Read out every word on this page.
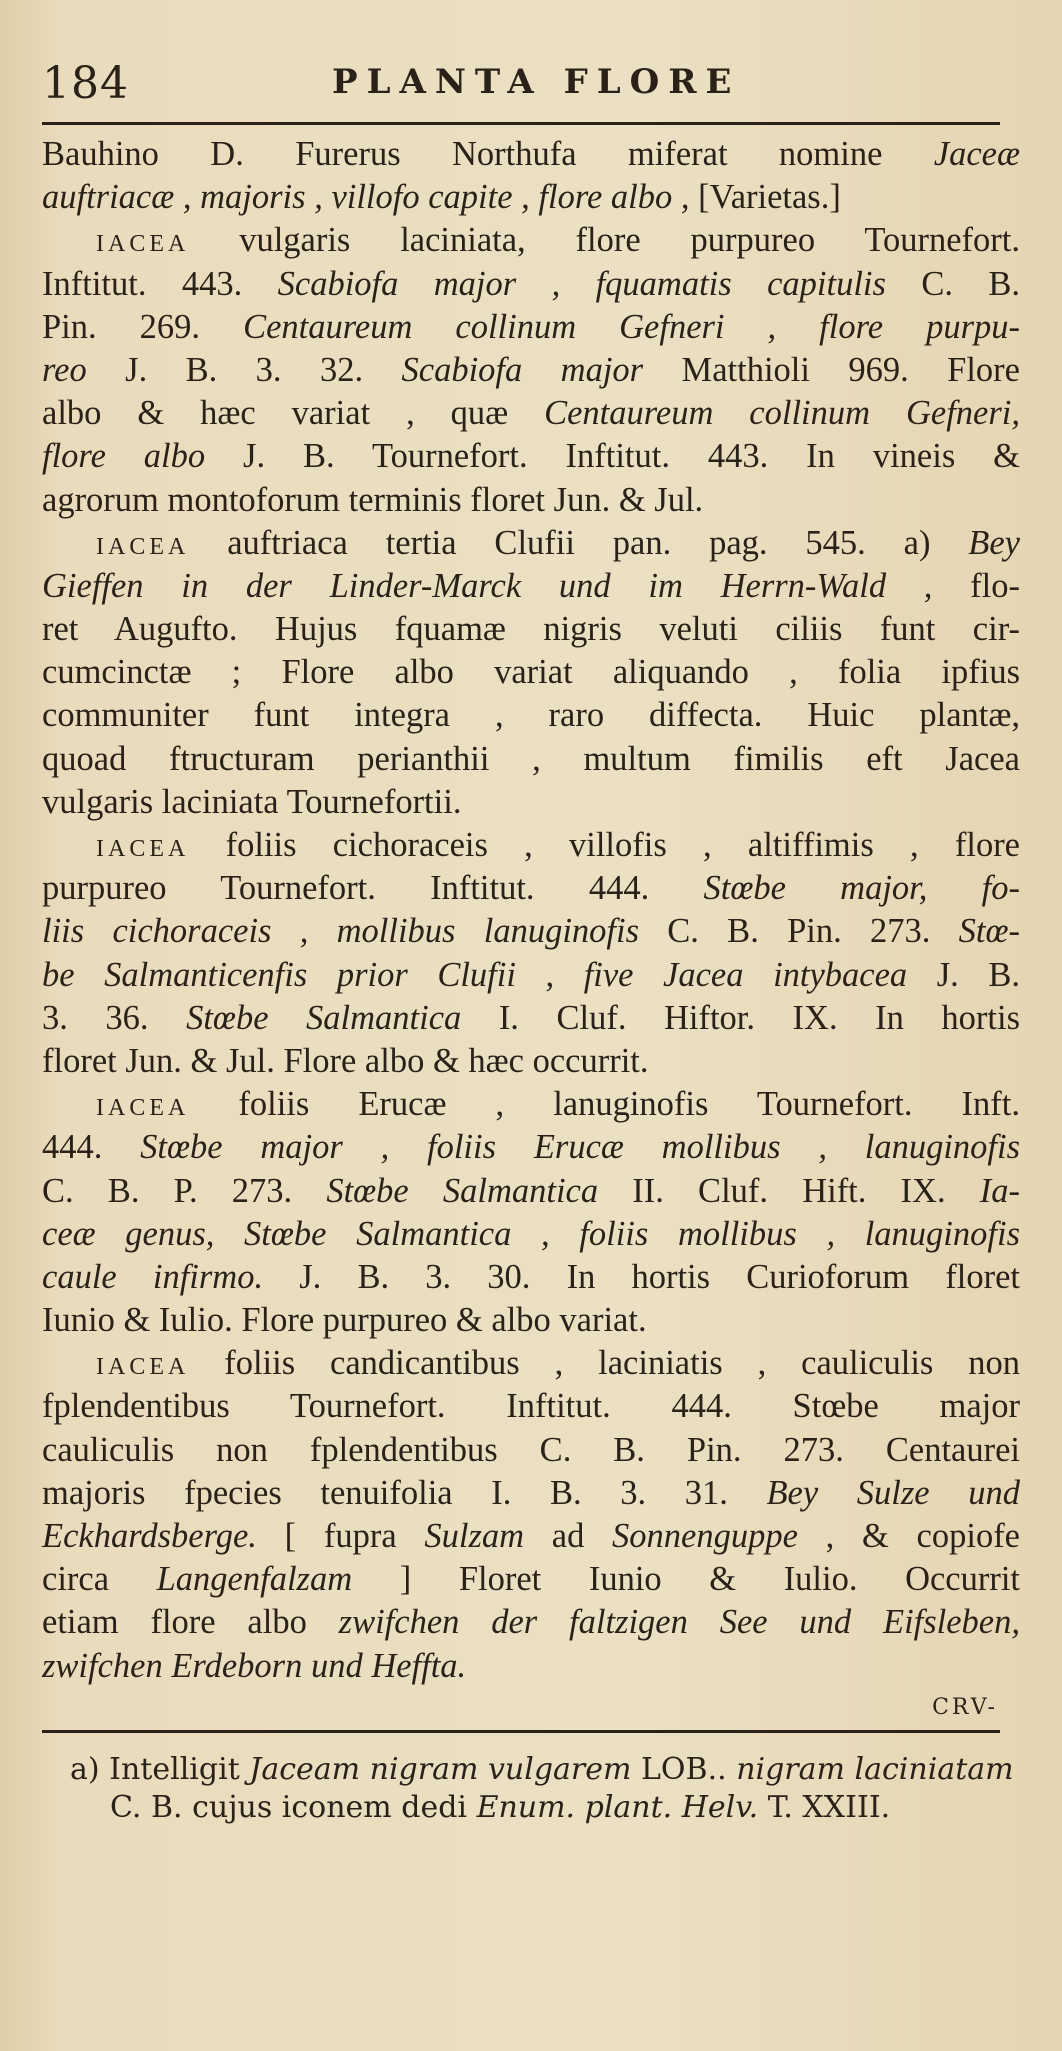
184	PLANTA FLORE
Bauhino D. Furerus Northufa miferat nomine Jaceæ
auftriacæ , majoris , villofo capite , flore albo , [Varietas.]
IACEA vulgaris laciniata, flore purpureo Tournefort.
Inftitut. 443. Scabiofa major , fquamatis capitulis C. B.
Pin. 269. Centaureum collinum Gefneri , flore purpu-
reo J. B. 3. 32. Scabiofa major Matthioli 969. Flore
albo & hæc variat , quæ Centaureum collinum Gefneri,
flore albo J. B. Tournefort. Inftitut. 443. In vineis &
agrorum montoforum terminis floret Jun. & Jul.
IACEA auftriaca tertia Clufii pan. pag. 545. a) Bey
Gieffen in der Linder-Marck und im Herrn-Wald , flo-
ret Augufto. Hujus fquamæ nigris veluti ciliis funt cir-
cumcinctæ ; Flore albo variat aliquando , folia ipfius
communiter funt integra , raro diffecta. Huic plantæ,
quoad ftructuram perianthii , multum fimilis eft Jacea
vulgaris laciniata Tournefortii.
IACEA foliis cichoraceis , villofis , altiffimis , flore
purpureo Tournefort. Inftitut. 444. Stœbe major, fo-
liis cichoraceis , mollibus lanuginofis C. B. Pin. 273. Stœ-
be Salmanticenfis prior Clufii , five Jacea intybacea J. B.
3. 36. Stœbe Salmantica I. Cluf. Hiftor. IX. In hortis
floret Jun. & Jul. Flore albo & hæc occurrit.
IACEA foliis Erucæ , lanuginofis Tournefort. Inft.
444. Stœbe major , foliis Erucæ mollibus , lanuginofis
C. B. P. 273. Stœbe Salmantica II. Cluf. Hift. IX. Ia-
ceæ genus, Stœbe Salmantica , foliis mollibus , lanuginofis
caule infirmo. J. B. 3. 30. In hortis Curioforum floret
Iunio & Iulio. Flore purpureo & albo variat.
IACEA foliis candicantibus , laciniatis , cauliculis non
fplendentibus Tournefort. Inftitut. 444. Stœbe major
cauliculis non fplendentibus C. B. Pin. 273. Centaurei
majoris fpecies tenuifolia I. B. 3. 31. Bey Sulze und
Eckhardsberge. [ fupra Sulzam ad Sonnenguppe , & copiofe
circa Langenfalzam ] Floret Iunio & Iulio. Occurrit
etiam flore albo zwifchen der faltzigen See und Eifsleben,
zwifchen Erdeborn und Heffta.
CRV-
a) Intelligit Jaceam nigram vulgarem LOB.. nigram laciniatam
C. B. cujus iconem dedi Enum. plant. Helv. T. XXIII.
